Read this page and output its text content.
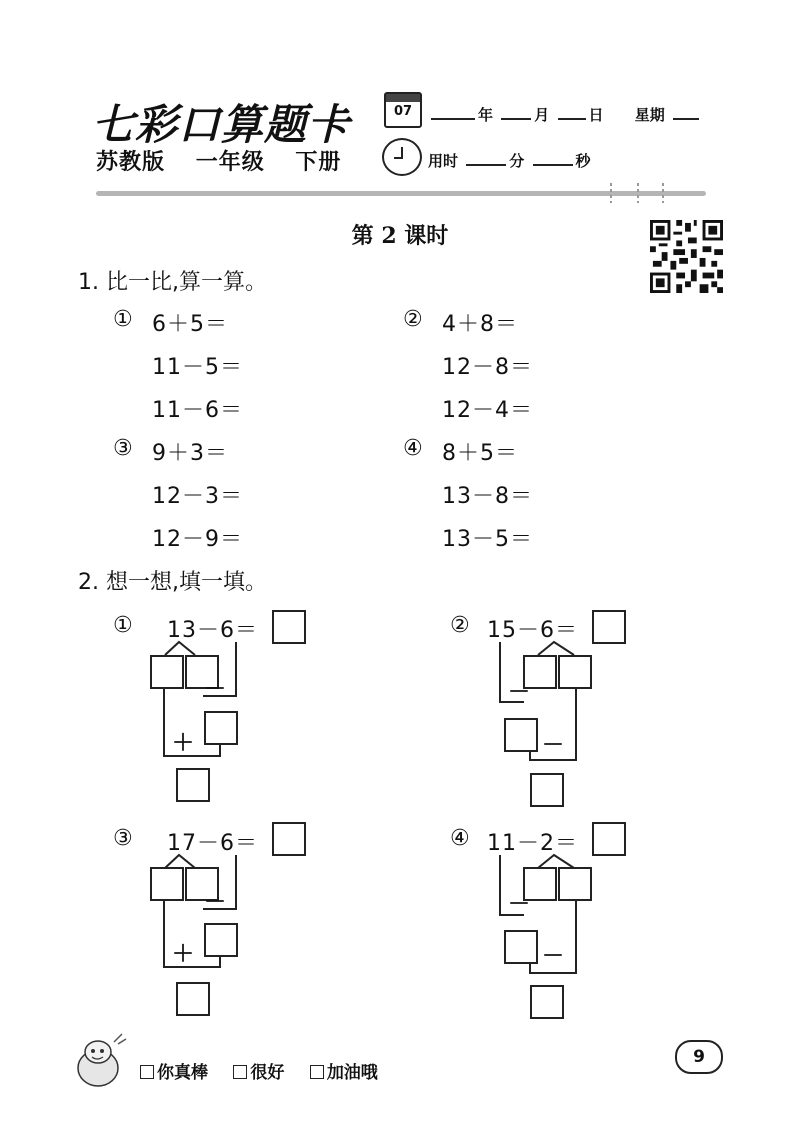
七彩口算题卡
苏教版 一年级 下册
07	年	月	日 星期
用时	分	秒
第 2 课时
1. 比一比,算一算。
① 6＋5＝
11－5＝
11－6＝
② 4＋8＝
12－8＝
12－4＝
③ 9＋3＝
12－3＝
12－9＝
④ 8＋5＝
13－8＝
13－5＝
2. 想一想,填一填。
① 13－6＝
－
＋
② 15－6＝
－
－
③ 17－6＝
－
＋
④ 11－2＝
－
－
你真棒 很好 加油哦
9
